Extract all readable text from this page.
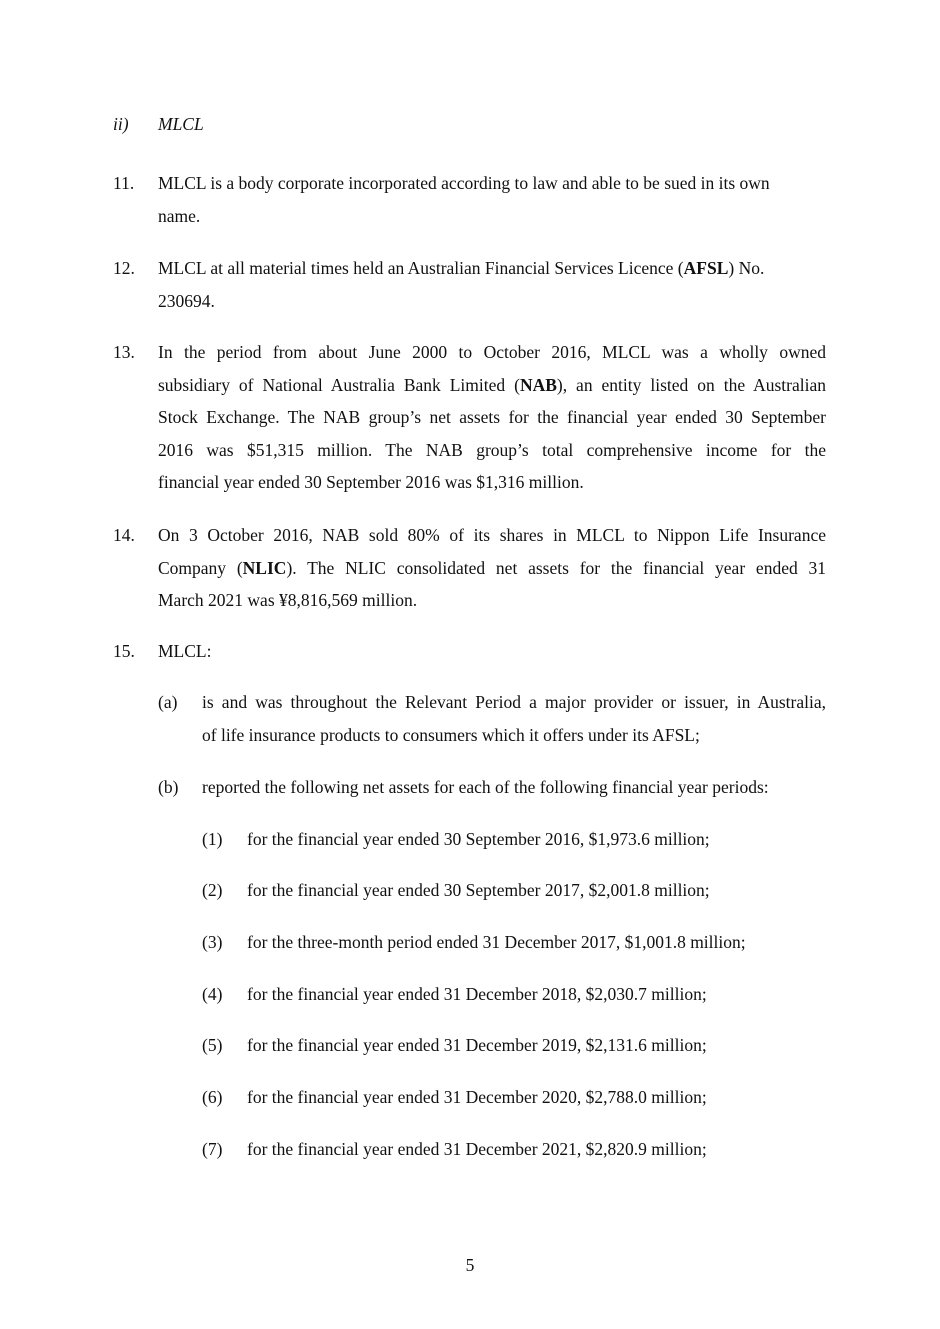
ii) MLCL
11. MLCL is a body corporate incorporated according to law and able to be sued in its own
name.
12. MLCL at all material times held an Australian Financial Services Licence (AFSL) No.
230694.
13. In the period from about June 2000 to October 2016, MLCL was a wholly owned
subsidiary of National Australia Bank Limited (NAB), an entity listed on the Australian
Stock Exchange. The NAB group’s net assets for the financial year ended 30 September
2016 was $51,315 million. The NAB group’s total comprehensive income for the
financial year ended 30 September 2016 was $1,316 million.
14. On 3 October 2016, NAB sold 80% of its shares in MLCL to Nippon Life Insurance
Company (NLIC). The NLIC consolidated net assets for the financial year ended 31
March 2021 was ¥8,816,569 million.
15. MLCL:
(a) is and was throughout the Relevant Period a major provider or issuer, in Australia,
of life insurance products to consumers which it offers under its AFSL;
(b) reported the following net assets for each of the following financial year periods:
(1) for the financial year ended 30 September 2016, $1,973.6 million;
(2) for the financial year ended 30 September 2017, $2,001.8 million;
(3) for the three-month period ended 31 December 2017, $1,001.8 million;
(4) for the financial year ended 31 December 2018, $2,030.7 million;
(5) for the financial year ended 31 December 2019, $2,131.6 million;
(6) for the financial year ended 31 December 2020, $2,788.0 million;
(7) for the financial year ended 31 December 2021, $2,820.9 million;
5
